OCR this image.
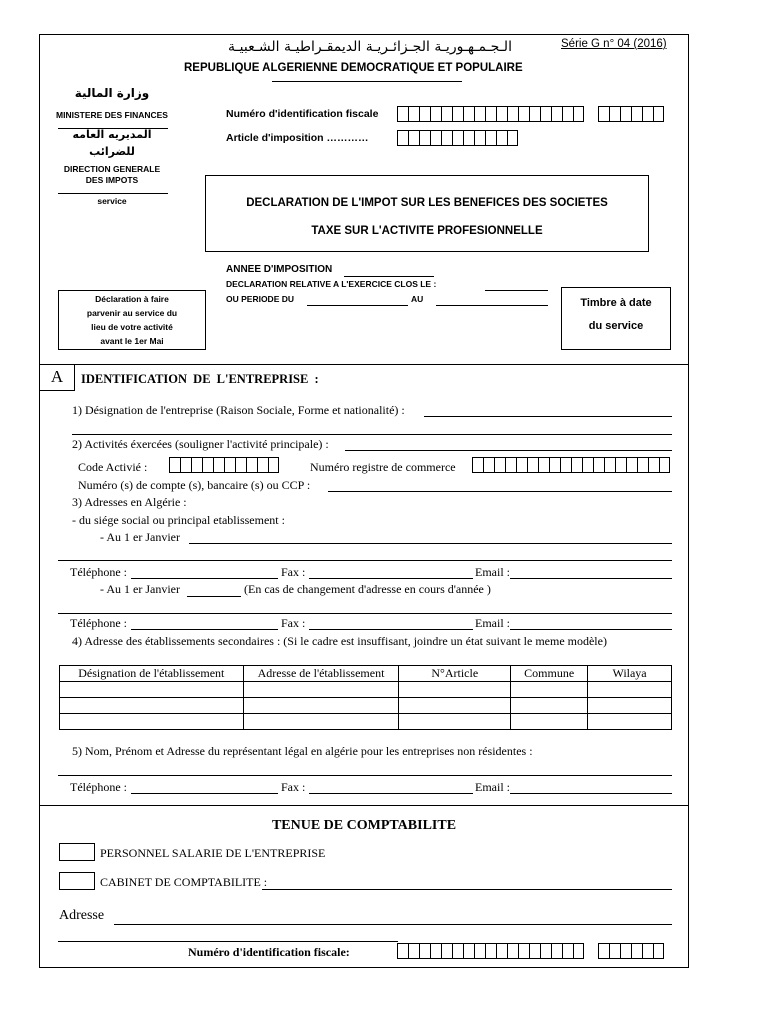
Série G n° 04 (2016)
الـجـمـهـوريـة الجـزائـريـة الديمقـراطيـة الشـعبيـة
REPUBLIQUE ALGERIENNE DEMOCRATIQUE ET POPULAIRE
وزارة المالية
MINISTERE DES FINANCES
المديريه العامه
للضرائب
DIRECTION GENERALE
DES IMPOTS
service
Numéro d'identification fiscale
Article d'imposition …………
DECLARATION DE L'IMPOT SUR LES BENEFICES DES SOCIETES
TAXE SUR L'ACTIVITE PROFESIONNELLE
ANNEE D'IMPOSITION
DECLARATION RELATIVE A L'EXERCICE CLOS LE :
OU PERIODE DU	AU
Déclaration à faire
parvenir au service du
lieu de votre activité
avant le 1er Mai
Timbre à date
du service
A	IDENTIFICATION DE L'ENTREPRISE :
1) Désignation de l'entreprise (Raison Sociale, Forme et nationalité) :
2) Activités éxercées (souligner l'activité principale) :
Code Activié :	Numéro registre de commerce
Numéro (s) de compte (s), bancaire (s) ou CCP :
3) Adresses en Algérie :
- du siége social ou principal etablissement :
- Au 1 er Janvier
Téléphone :	Fax :	Email :
- Au 1 er Janvier	(En cas de changement d'adresse en cours d'année )
Téléphone :	Fax :	Email :
4) Adresse des établissements secondaires : (Si le cadre est insuffisant, joindre un état suivant le meme modèle)
Désignation de l'établissement	Adresse de l'établissement	N°Article	Commune	Wilaya

5) Nom, Prénom et Adresse du représentant légal en algérie pour les entreprises non résidentes :
Téléphone :	Fax :	Email :
TENUE DE COMPTABILITE
PERSONNEL SALARIE DE L'ENTREPRISE
CABINET DE COMPTABILITE :
Adresse
Numéro d'identification fiscale:
